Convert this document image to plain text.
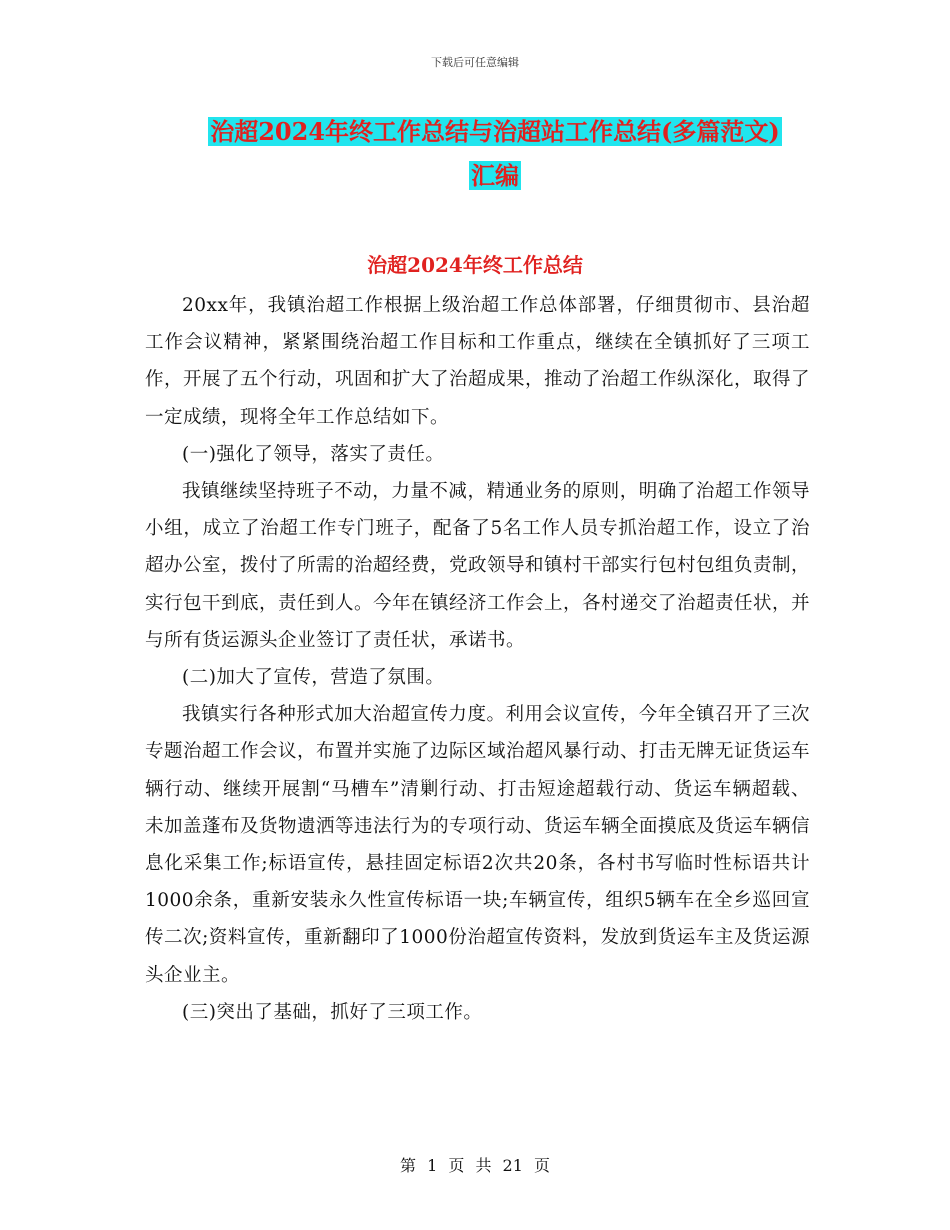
下载后可任意编辑
治超2024年终工作总结与治超站工作总结(多篇范文)
汇编
治超2024年终工作总结

20xx年，我镇治超工作根据上级治超工作总体部署，仔细贯彻市、县治超工作会议精神，紧紧围绕治超工作目标和工作重点，继续在全镇抓好了三项工作，开展了五个行动，巩固和扩大了治超成果，推动了治超工作纵深化，取得了一定成绩，现将全年工作总结如下。

(一)强化了领导，落实了责任。

我镇继续坚持班子不动，力量不减，精通业务的原则，明确了治超工作领导小组，成立了治超工作专门班子，配备了5名工作人员专抓治超工作，设立了治超办公室，拨付了所需的治超经费，党政领导和镇村干部实行包村包组负责制，实行包干到底，责任到人。今年在镇经济工作会上，各村递交了治超责任状，并与所有货运源头企业签订了责任状，承诺书。

(二)加大了宣传，营造了氛围。

我镇实行各种形式加大治超宣传力度。利用会议宣传，今年全镇召开了三次专题治超工作会议，布置并实施了边际区域治超风暴行动、打击无牌无证货运车辆行动、继续开展割“马槽车”清剿行动、打击短途超载行动、货运车辆超载、未加盖蓬布及货物遗洒等违法行为的专项行动、货运车辆全面摸底及货运车辆信息化采集工作;标语宣传，悬挂固定标语2次共20条，各村书写临时性标语共计1000余条，重新安装永久性宣传标语一块;车辆宣传，组织5辆车在全乡巡回宣传二次;资料宣传，重新翻印了1000份治超宣传资料，发放到货运车主及货运源头企业主。

(三)突出了基础，抓好了三项工作。

第 1 页 共 21 页
